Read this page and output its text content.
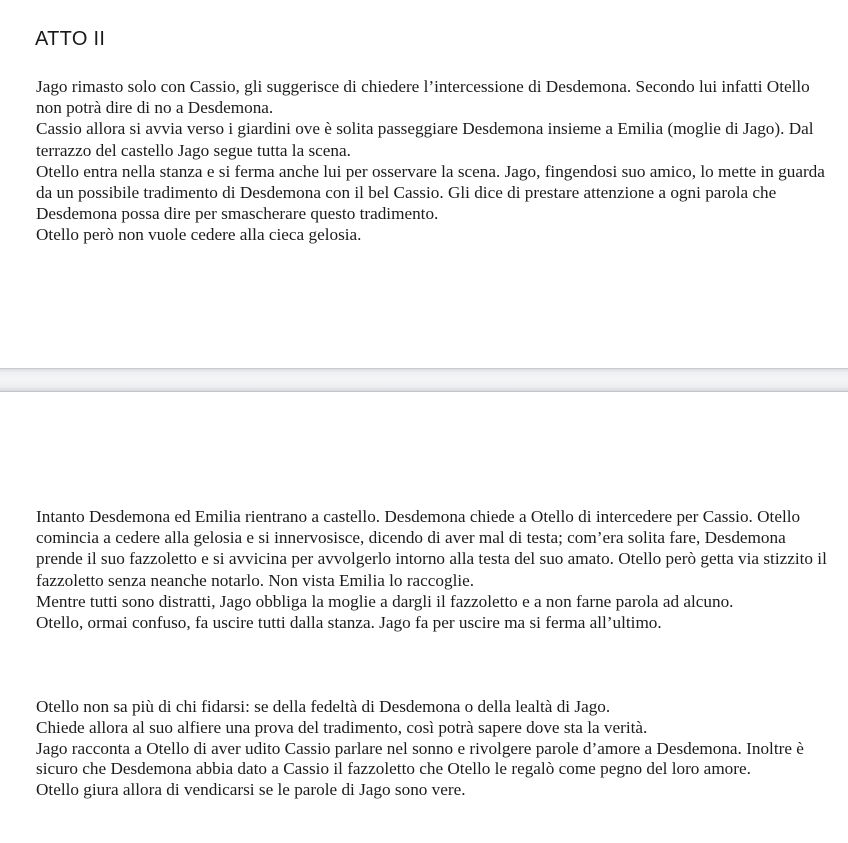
ATTO II

Jago rimasto solo con Cassio, gli suggerisce di chiedere l’intercessione di Desdemona. Secondo lui infatti Otello non potrà dire di no a Desdemona.

Cassio allora si avvia verso i giardini ove è solita passeggiare Desdemona insieme a Emilia (moglie di Jago). Dal terrazzo del castello Jago segue tutta la scena.

Otello entra nella stanza e si ferma anche lui per osservare la scena. Jago, fingendosi suo amico, lo mette in guarda da un possibile tradimento di Desdemona con il bel Cassio. Gli dice di prestare attenzione a ogni parola che Desdemona possa dire per smascherare questo tradimento.

Otello però non vuole cedere alla cieca gelosia.

Intanto Desdemona ed Emilia rientrano a castello. Desdemona chiede a Otello di intercedere per Cassio. Otello comincia a cedere alla gelosia e si innervosisce, dicendo di aver mal di testa; com’era solita fare, Desdemona prende il suo fazzoletto e si avvicina per avvolgerlo intorno alla testa del suo amato. Otello però getta via stizzito il fazzoletto senza neanche notarlo. Non vista Emilia lo raccoglie.

Mentre tutti sono distratti, Jago obbliga la moglie a dargli il fazzoletto e a non farne parola ad alcuno.

Otello, ormai confuso, fa uscire tutti dalla stanza. Jago fa per uscire ma si ferma all’ultimo.

Otello non sa più di chi fidarsi: se della fedeltà di Desdemona o della lealtà di Jago.

Chiede allora al suo alfiere una prova del tradimento, così potrà sapere dove sta la verità.

Jago racconta a Otello di aver udito Cassio parlare nel sonno e rivolgere parole d’amore a Desdemona. Inoltre è sicuro che Desdemona abbia dato a Cassio il fazzoletto che Otello le regalò come pegno del loro amore.

Otello giura allora di vendicarsi se le parole di Jago sono vere.
